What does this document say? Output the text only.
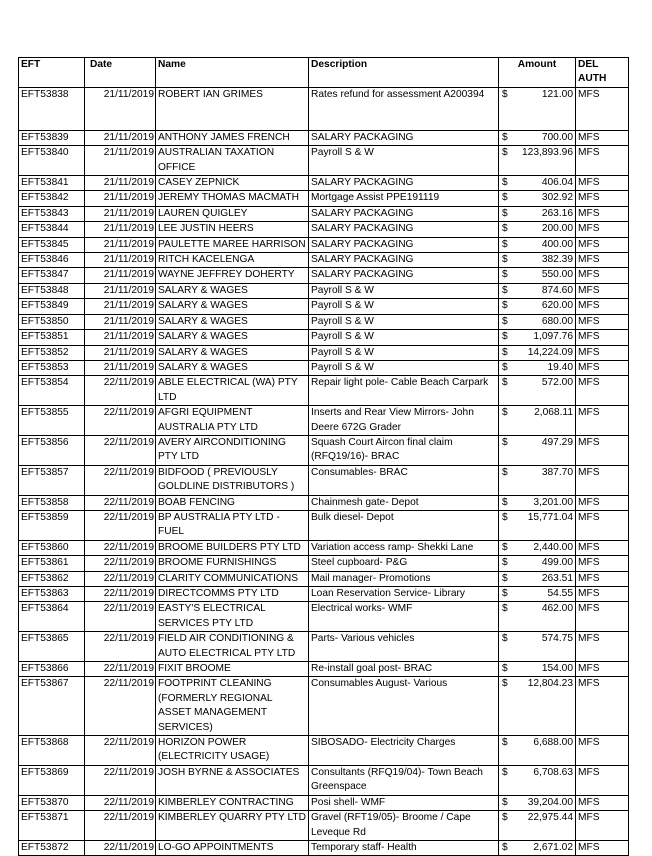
EFT	Date	Name	Description	Amount		DEL AUTH
EFT53838	21/11/2019	ROBERT IAN GRIMES	Rates refund for assessment A200394	$	121.00	MFS
EFT53839	21/11/2019	ANTHONY JAMES FRENCH	SALARY PACKAGING	$	700.00	MFS
EFT53840	21/11/2019	AUSTRALIAN TAXATION OFFICE	Payroll S & W	$	123,893.96	MFS
EFT53841	21/11/2019	CASEY ZEPNICK	SALARY PACKAGING	$	406.04	MFS
EFT53842	21/11/2019	JEREMY THOMAS MACMATH	Mortgage Assist PPE191119	$	302.92	MFS
EFT53843	21/11/2019	LAUREN QUIGLEY	SALARY PACKAGING	$	263.16	MFS
EFT53844	21/11/2019	LEE JUSTIN HEERS	SALARY PACKAGING	$	200.00	MFS
EFT53845	21/11/2019	PAULETTE MAREE HARRISON	SALARY PACKAGING	$	400.00	MFS
EFT53846	21/11/2019	RITCH KACELENGA	SALARY PACKAGING	$	382.39	MFS
EFT53847	21/11/2019	WAYNE JEFFREY DOHERTY	SALARY PACKAGING	$	550.00	MFS
EFT53848	21/11/2019	SALARY & WAGES	Payroll S & W	$	874.60	MFS
EFT53849	21/11/2019	SALARY & WAGES	Payroll S & W	$	620.00	MFS
EFT53850	21/11/2019	SALARY & WAGES	Payroll S & W	$	680.00	MFS
EFT53851	21/11/2019	SALARY & WAGES	Payroll S & W	$	1,097.76	MFS
EFT53852	21/11/2019	SALARY & WAGES	Payroll S & W	$	14,224.09	MFS
EFT53853	21/11/2019	SALARY & WAGES	Payroll S & W	$	19.40	MFS
EFT53854	22/11/2019	ABLE ELECTRICAL (WA) PTY LTD	Repair light pole- Cable Beach Carpark	$	572.00	MFS
EFT53855	22/11/2019	AFGRI EQUIPMENT AUSTRALIA PTY LTD	Inserts and Rear View Mirrors- John Deere 672G Grader	$	2,068.11	MFS
EFT53856	22/11/2019	AVERY AIRCONDITIONING PTY LTD	Squash Court Aircon final claim (RFQ19/16)- BRAC	$	497.29	MFS
EFT53857	22/11/2019	BIDFOOD ( PREVIOUSLY GOLDLINE DISTRIBUTORS )	Consumables- BRAC	$	387.70	MFS
EFT53858	22/11/2019	BOAB FENCING	Chainmesh gate- Depot	$	3,201.00	MFS
EFT53859	22/11/2019	BP AUSTRALIA PTY LTD - FUEL	Bulk diesel- Depot	$	15,771.04	MFS
EFT53860	22/11/2019	BROOME BUILDERS PTY LTD	Variation access ramp- Shekki Lane	$	2,440.00	MFS
EFT53861	22/11/2019	BROOME FURNISHINGS	Steel cupboard- P&G	$	499.00	MFS
EFT53862	22/11/2019	CLARITY COMMUNICATIONS	Mail manager- Promotions	$	263.51	MFS
EFT53863	22/11/2019	DIRECTCOMMS PTY LTD	Loan Reservation Service- Library	$	54.55	MFS
EFT53864	22/11/2019	EASTY'S ELECTRICAL SERVICES PTY LTD	Electrical works- WMF	$	462.00	MFS
EFT53865	22/11/2019	FIELD AIR CONDITIONING & AUTO ELECTRICAL PTY LTD	Parts- Various vehicles	$	574.75	MFS
EFT53866	22/11/2019	FIXIT BROOME	Re-install goal post- BRAC	$	154.00	MFS
EFT53867	22/11/2019	FOOTPRINT CLEANING (FORMERLY REGIONAL ASSET MANAGEMENT SERVICES)	Consumables August- Various	$	12,804.23	MFS
EFT53868	22/11/2019	HORIZON POWER (ELECTRICITY USAGE)	SIBOSADO- Electricity Charges	$	6,688.00	MFS
EFT53869	22/11/2019	JOSH BYRNE & ASSOCIATES	Consultants (RFQ19/04)- Town Beach Greenspace	$	6,708.63	MFS
EFT53870	22/11/2019	KIMBERLEY CONTRACTING	Posi shell- WMF	$	39,204.00	MFS
EFT53871	22/11/2019	KIMBERLEY QUARRY PTY LTD	Gravel (RFT19/05)- Broome / Cape Leveque Rd	$	22,975.44	MFS
EFT53872	22/11/2019	LO-GO APPOINTMENTS	Temporary staff- Health	$	2,671.02	MFS
